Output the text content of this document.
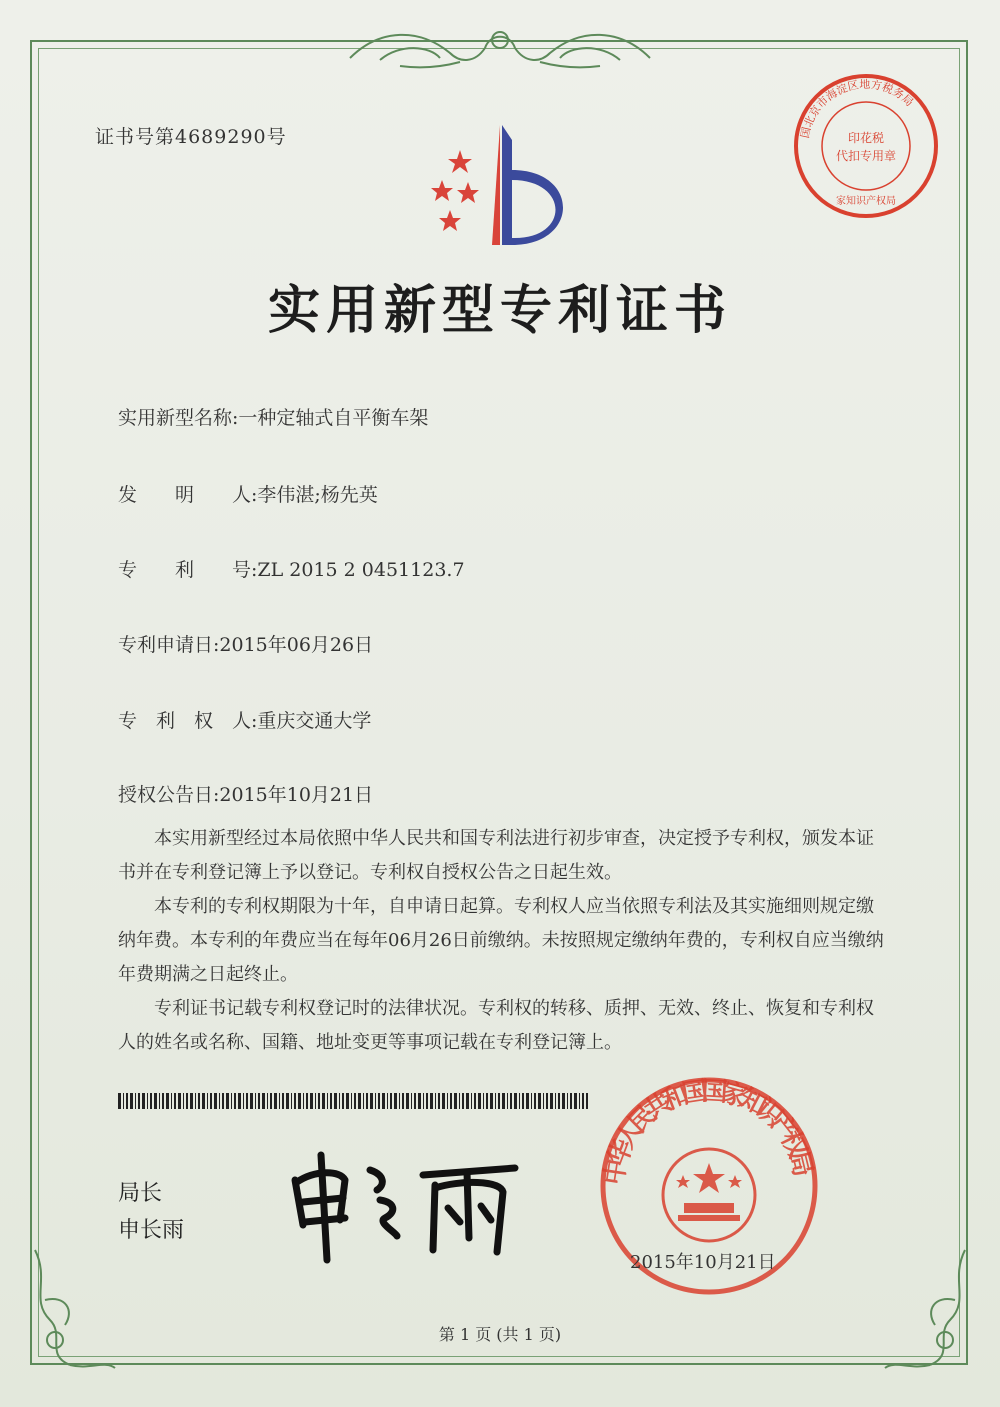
证书号第4689290号	国北京市海淀区地方税务局
印花税
代扣专用章
家知识产权局
实用新型专利证书
实用新型名称:一种定轴式自平衡车架
发　　明　　人:李伟湛;杨先英
专　　利　　号:ZL 2015 2 0451123.7
专利申请日:2015年06月26日
专　利　权　人:重庆交通大学
授权公告日:2015年10月21日

本实用新型经过本局依照中华人民共和国专利法进行初步审查，决定授予专利权，颁发本证书并在专利登记簿上予以登记。专利权自授权公告之日起生效。

本专利的专利权期限为十年，自申请日起算。专利权人应当依照专利法及其实施细则规定缴纳年费。本专利的年费应当在每年06月26日前缴纳。未按照规定缴纳年费的，专利权自应当缴纳年费期满之日起终止。

专利证书记载专利权登记时的法律状况。专利权的转移、质押、无效、终止、恢复和专利权人的姓名或名称、国籍、地址变更等事项记载在专利登记簿上。

局长
申长雨
中华人民共和国国家知识产权局
2015年10月21日
第 1 页 (共 1 页)
